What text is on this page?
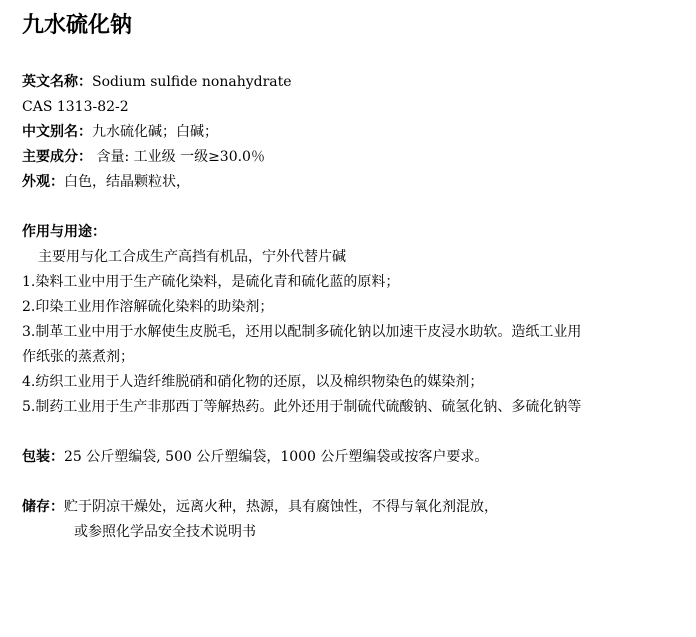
九水硫化钠
英文名称：Sodium sulfide nonahydrate
CAS 1313-82-2
中文别名：九水硫化碱；白碱；
主要成分： 含量: 工业级 一级≥30.0％
外观：白色，结晶颗粒状，
作用与用途：
主要用与化工合成生产高挡有机品，宁外代替片碱
1.染料工业中用于生产硫化染料，是硫化青和硫化蓝的原料；
2.印染工业用作溶解硫化染料的助染剂；
3.制革工业中用于水解使生皮脱毛，还用以配制多硫化钠以加速干皮浸水助软。造纸工业用
作纸张的蒸煮剂；
4.纺织工业用于人造纤维脱硝和硝化物的还原，以及棉织物染色的媒染剂；
5.制药工业用于生产非那西丁等解热药。此外还用于制硫代硫酸钠、硫氢化钠、多硫化钠等
包装：25 公斤塑编袋, 500 公斤塑编袋，1000 公斤塑编袋或按客户要求。
储存：贮于阴凉干燥处，远离火种，热源，具有腐蚀性，不得与氧化剂混放，
或参照化学品安全技术说明书
